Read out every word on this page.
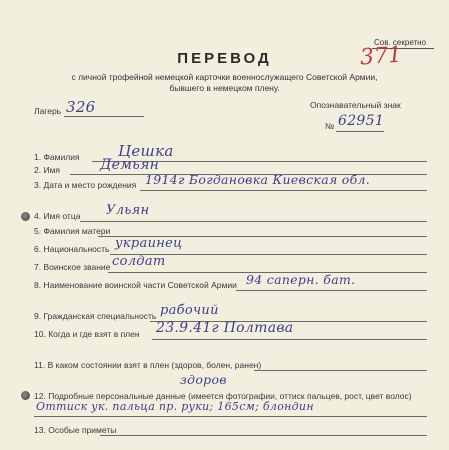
Сов. секретно
371
ПЕРЕВОД
с личной трофейной немецкой карточки военнослужащего Советской Армии,
бывшего в немецком плену.
Лагерь 326	Опознавательный знак
№ 62951
1. Фамилия	Цешка
2. Имя	Демьян
3. Дата и место рождения 1914г Богдановка Киевская обл.
4. Имя отца Ульян
5. Фамилия матери
6. Национальность украинец
7. Воинское звание солдат
8. Наименование воинской части Советской Армии 94 саперн. бат.
9. Гражданская специальность рабочий
10. Когда и где взят в плен 23.9.41г Полтава
11. В каком состоянии взят в плен (здоров, болен, ранен)
здоров
12. Подробные персональные данные (имеется фотографии, оттиск пальцев, рост, цвет волос)
Оттиск ук. пальца пр. руки; 165см; блондин
13. Особые приметы
